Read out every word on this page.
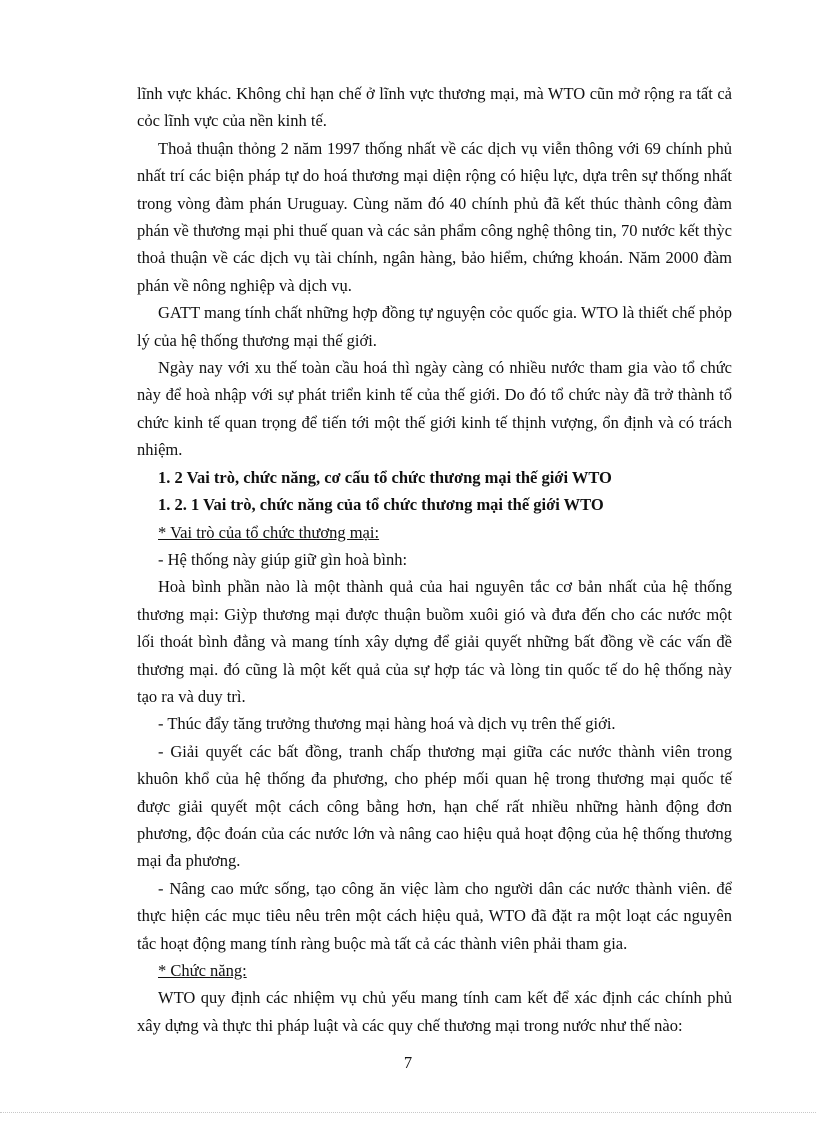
lĩnh vực khác. Không chỉ hạn chế ở lĩnh vực thương mại, mà WTO cũn mở rộng ra tất cả cỏc lĩnh vực của nền kinh tế.

Thoả thuận thỏng 2 năm 1997 thống nhất về các dịch vụ viễn thông với 69 chính phủ nhất trí các biện pháp tự do hoá thương mại diện rộng có hiệu lực, dựa trên sự thống nhất trong vòng đàm phán Uruguay. Cùng năm đó 40 chính phủ đã kết thúc thành công đàm phán về thương mại phi thuế quan và các sản phẩm công nghệ thông tin, 70 nước kết thỳc thoả thuận về các dịch vụ tài chính, ngân hàng, bảo hiểm, chứng khoán. Năm 2000 đàm phán về nông nghiệp và dịch vụ.

GATT mang tính chất những hợp đồng tự nguyện cỏc quốc gia. WTO là thiết chế phỏp lý của hệ thống thương mại thế giới.

Ngày nay với xu thế toàn cầu hoá thì ngày càng có nhiều nước tham gia vào tổ chức này để hoà nhập với sự phát triển kinh tế của thế giới. Do đó tổ chức này đã trở thành tổ chức kinh tế quan trọng để tiến tới một thế giới kinh tế thịnh vượng, ổn định và có trách nhiệm.

1. 2 Vai trò, chức năng, cơ cấu tổ chức thương mại thế giới WTO

1. 2. 1 Vai trò, chức năng của tổ chức thương mại thế giới WTO

* Vai trò của tổ chức thương mại:

- Hệ thống này giúp giữ gìn hoà bình:

Hoà bình phần nào là một thành quả của hai nguyên tắc cơ bản nhất của hệ thống thương mại: Giỳp thương mại được thuận buồm xuôi gió và đưa đến cho các nước một lối thoát bình đẳng và mang tính xây dựng để giải quyết những bất đồng về các vấn đề thương mại. đó cũng là một kết quả của sự hợp tác và lòng tin quốc tế do hệ thống này tạo ra và duy trì.

- Thúc đẩy tăng trưởng thương mại hàng hoá và dịch vụ trên thế giới.

- Giải quyết các bất đồng, tranh chấp thương mại giữa các nước thành viên trong khuôn khổ của hệ thống đa phương, cho phép mối quan hệ trong thương mại quốc tế được giải quyết một cách công bằng hơn, hạn chế rất nhiều những hành động đơn phương, độc đoán của các nước lớn và nâng cao hiệu quả hoạt động của hệ thống thương mại đa phương.

- Nâng cao mức sống, tạo công ăn việc làm cho người dân các nước thành viên. để thực hiện các mục tiêu nêu trên một cách hiệu quả, WTO đã đặt ra một loạt các nguyên tắc hoạt động mang tính ràng buộc mà tất cả các thành viên phải tham gia.

* Chức năng:

WTO quy định các nhiệm vụ chủ yếu mang tính cam kết để xác định các chính phủ xây dựng và thực thi pháp luật và các quy chế thương mại trong nước như thế nào:

7
